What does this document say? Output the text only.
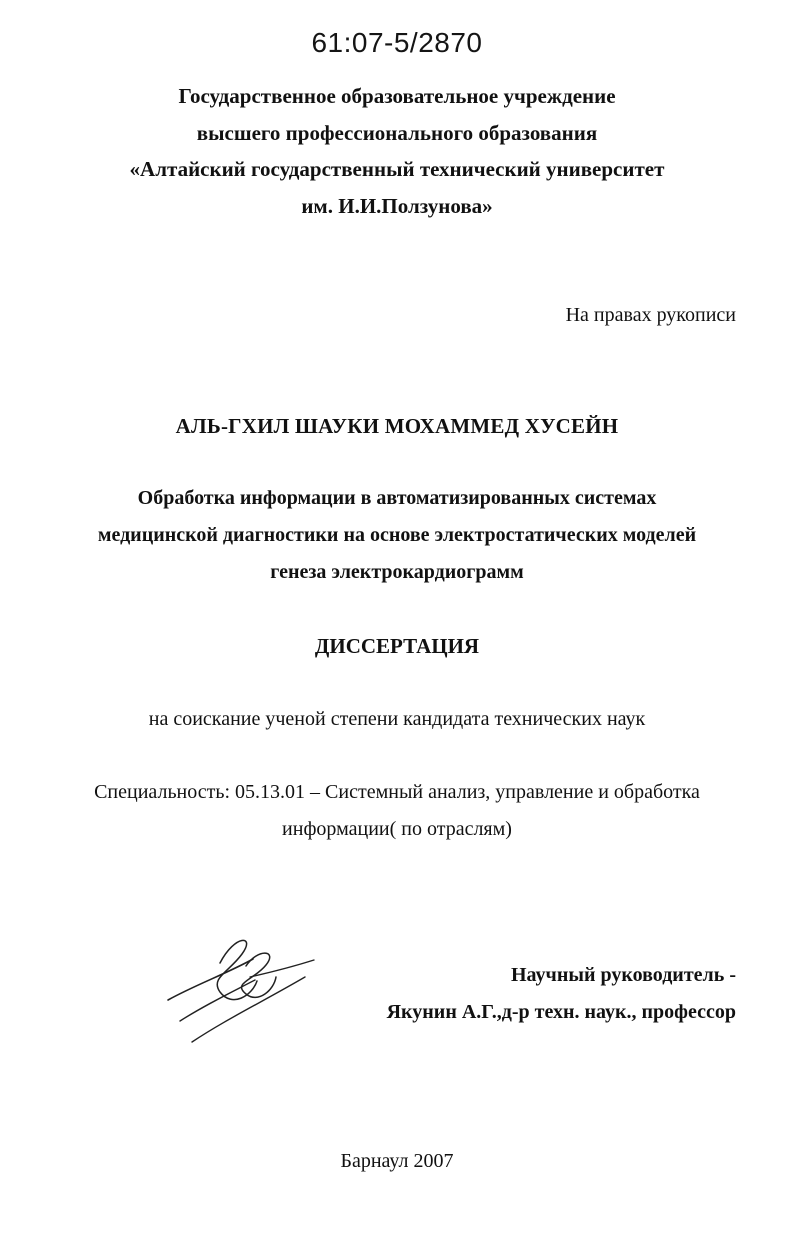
61:07-5/2870
Государственное образовательное учреждение
высшего профессионального образования
«Алтайский государственный технический университет
им. И.И.Ползунова»
На правах рукописи
АЛЬ-ГХИЛ ШАУКИ МОХАММЕД ХУСЕЙН
Обработка информации в автоматизированных системах
медицинской диагностики на основе электростатических моделей
генеза электрокардиограмм
ДИССЕРТАЦИЯ
на соискание ученой степени кандидата технических наук
Специальность: 05.13.01 – Системный анализ, управление и обработка
информации( по отраслям)
Научный руководитель -
Якунин А.Г.,д-р техн. наук., профессор
Барнаул 2007
